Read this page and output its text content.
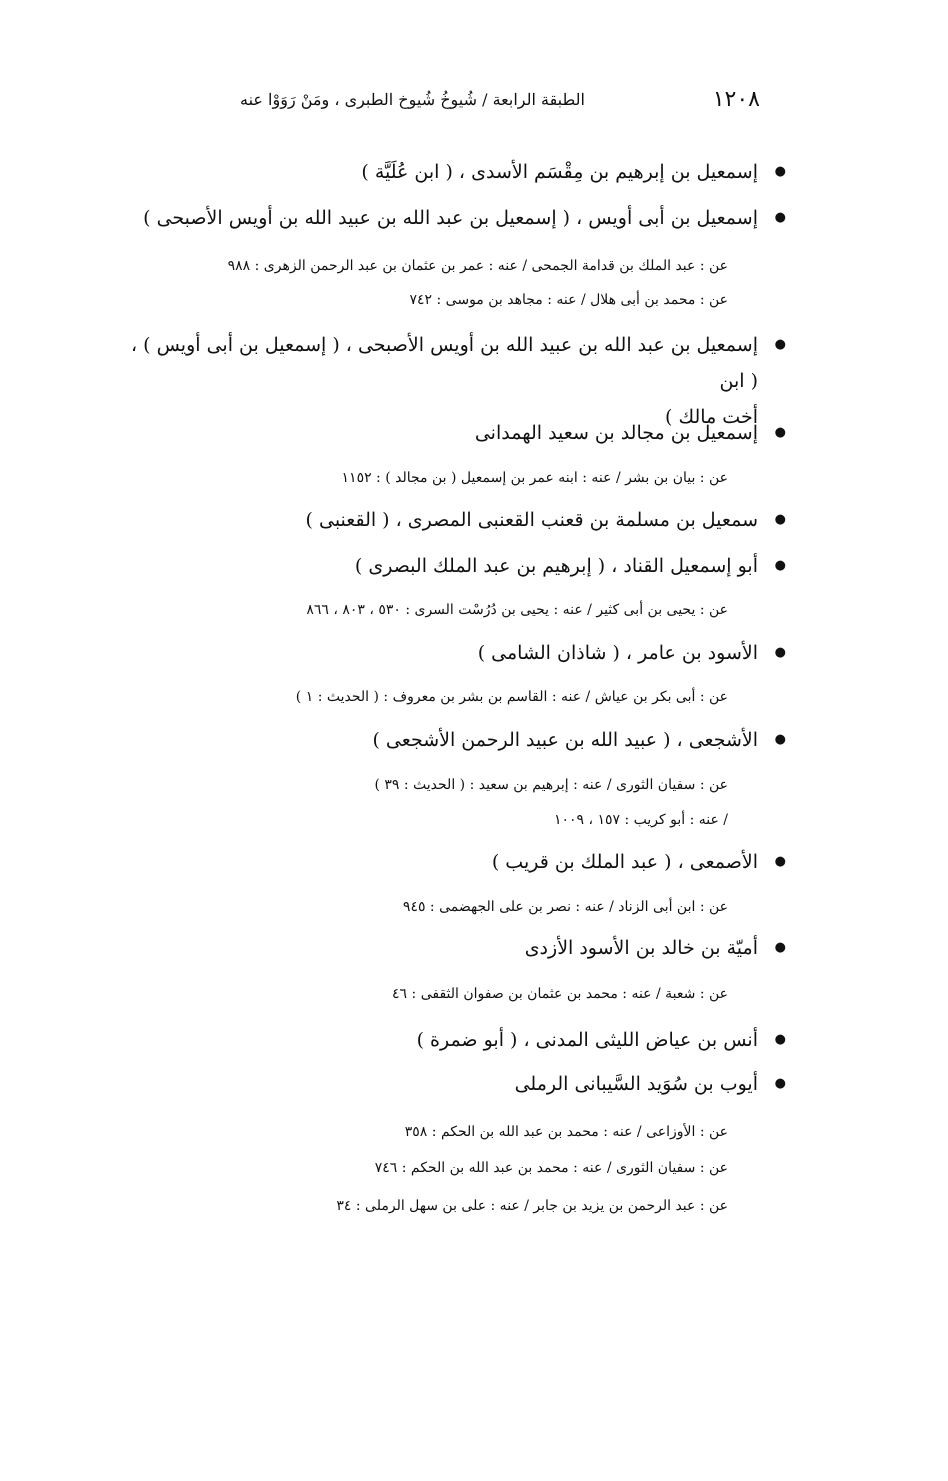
١٢٠٨
الطبقة الرابعة / شُيوخُ شُيوخ الطبرى ، ومَنْ رَوَوْا عنه
●
إسمعيل بن إبرهيم بن مِقْسَم الأسدى ، ( ابن عُلَيَّة )
●
إسمعيل بن أبى أويس ، ( إسمعيل بن عبد الله بن عبيد الله بن أويس الأصبحى )
عن : عبد الملك بن قدامة الجمحى / عنه : عمر بن عثمان بن عبد الرحمن الزهرى : ٩٨٨
عن : محمد بن أبى هلال / عنه : مجاهد بن موسى : ٧٤٢
●
إسمعيل بن عبد الله بن عبيد الله بن أويس الأصبحى ، ( إسمعيل بن أبى أويس ) ، ( ابن
أخت مالك )
●
إسمعيل بن مجالد بن سعيد الهمدانى
عن : بيان بن بشر / عنه : ابنه عمر بن إسمعيل ( بن مجالد ) : ١١٥٢
●
سمعيل بن مسلمة بن قعنب القعنبى المصرى ، ( القعنبى )
●
أبو إسمعيل القناد ، ( إبرهيم بن عبد الملك البصرى )
عن : يحيى بن أبى كثير / عنه : يحيى بن دُرُسْت السرى : ٥٣٠ ، ٨٠٣ ، ٨٦٦
●
الأسود بن عامر ، ( شاذان الشامى )
عن : أبى بكر بن عياش / عنه : القاسم بن بشر بن معروف : ( الحديث : ١ )
●
الأشجعى ، ( عبيد الله بن عبيد الرحمن الأشجعى )
عن : سفيان الثورى / عنه : إبرهيم بن سعيد : ( الحديث : ٣٩ )
/ عنه : أبو كريب : ١٥٧ ، ١٠٠٩
●
الأصمعى ، ( عبد الملك بن قريب )
عن : ابن أبى الزناد / عنه : نصر بن على الجهضمى : ٩٤٥
●
أميّة بن خالد بن الأسود الأزدى
عن : شعبة / عنه : محمد بن عثمان بن صفوان الثقفى : ٤٦
●
أنس بن عياض الليثى المدنى ، ( أبو ضمرة )
●
أيوب بن سُوَيد السَّيبانى الرملى
عن : الأوزاعى / عنه : محمد بن عبد الله بن الحكم : ٣٥٨
عن : سفيان الثورى / عنه : محمد بن عبد الله بن الحكم : ٧٤٦
عن : عبد الرحمن بن يزيد بن جابر / عنه : على بن سهل الرملى : ٣٤
